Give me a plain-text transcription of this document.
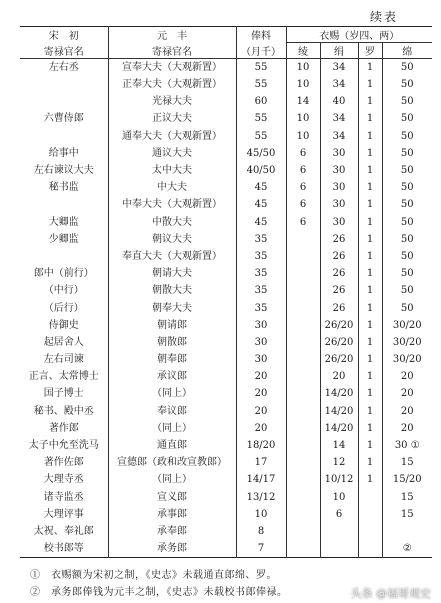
续表
宋　初	元　丰	俸料	衣赐（岁四、两）			
寄禄官名	寄禄官名	（月千）	绫	绢	罗	绵
左右丞	宣奉大夫（大观新置）	55	10	34	1	50
	正奉大夫（大观新置）	55	10	34	1	50
	光禄大夫	60	14	40	1	50
六曹侍郎	正议大夫	55	10	34	1	50
	通奉大夫（大观新置）	55	10	34	1	50
给事中	通议大夫	45/50	6	30	1	50
左右谏议大夫	太中大夫	40/50	6	30	1	50
秘书监	中大夫	45	6	30	1	50
	中奉大夫（大观新置）	45	6	30	1	50
大卿监	中散大夫	45	6	30	1	50
少卿监	朝议大夫	35		26	1	50
	奉直大夫（大观新置）	35		26	1	50
郎中（前行）	朝请大夫	35		26	1	50
（中行）	朝散大夫	35		26	1	50
（后行）	朝奉大夫	35		26	1	50
侍御史	朝请郎	30		26/20	1	30/20
起居舍人	朝散郎	30		26/20	1	30/20
左右司谏	朝奉郎	30		26/20	1	30/20
正言、太常博士	承议郎	20		20	1	20
国子博士	（同上）	20		14/20	1	20
秘书、殿中丞	奉议郎	20		14/20	1	20
著作郎	（同上）	20		14/20	1	20
太子中允至洗马	通直郎	18/20		14	1	30 ①
著作佐郎	宣德郎（政和改宣教郎）	17		12	1	15
大理寺丞	（同上）	14/17		10/12	1	15/20
诸寺监丞	宣义郎	13/12		10		15
大理评事	承事郎	10		6		15
太祝、奉礼郎	承奉郎	8				
校书郎等	承务郎	7				②
①　衣赐额为宋初之制，《史志》未载通直郎绵、罗。
②　承务郎俸钱为元丰之制，《史志》未载校书郎俸禄。	头条 @福哥观史
